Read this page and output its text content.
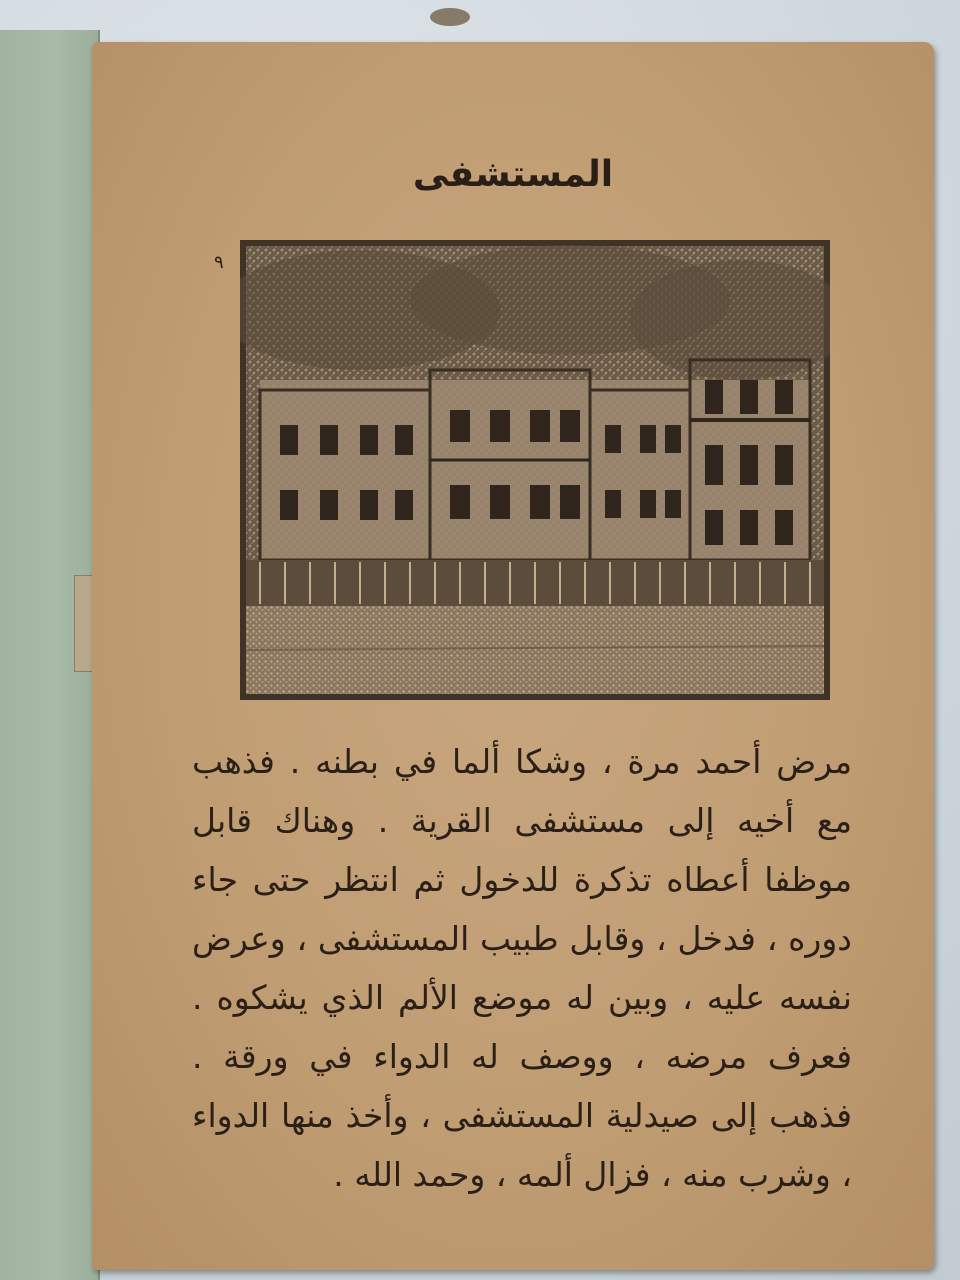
المستشفى
٩
مرض أحمد مرة ، وشكا ألما في بطنه . فذهب مع أخيه إلى مستشفى القرية . وهناك قابل موظفا أعطاه تذكرة للدخول ثم انتظر حتى جاء دوره ، فدخل ، وقابل طبيب المستشفى ، وعرض نفسه عليه ، وبين له موضع الألم الذي يشكوه . فعرف مرضه ، ووصف له الدواء في ورقة . فذهب إلى صيدلية المستشفى ، وأخذ منها الدواء ، وشرب منه ، فزال ألمه ، وحمد الله .
